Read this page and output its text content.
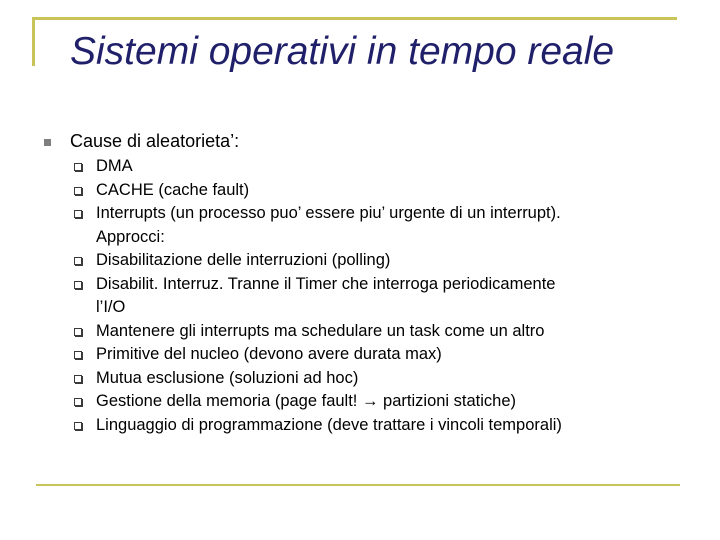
Sistemi operativi in tempo reale
Cause di aleatorieta’:
DMA
CACHE (cache fault)
Interrupts (un processo puo’ essere piu’ urgente di un interrupt).
Approcci:
Disabilitazione delle interruzioni (polling)
Disabilit. Interruz. Tranne il Timer che interroga periodicamente
l’I/O
Mantenere gli interrupts ma schedulare un task come un altro
Primitive del nucleo (devono avere durata max)
Mutua esclusione (soluzioni ad hoc)
Gestione della memoria (page fault! → partizioni statiche)
Linguaggio di programmazione (deve trattare i vincoli temporali)
